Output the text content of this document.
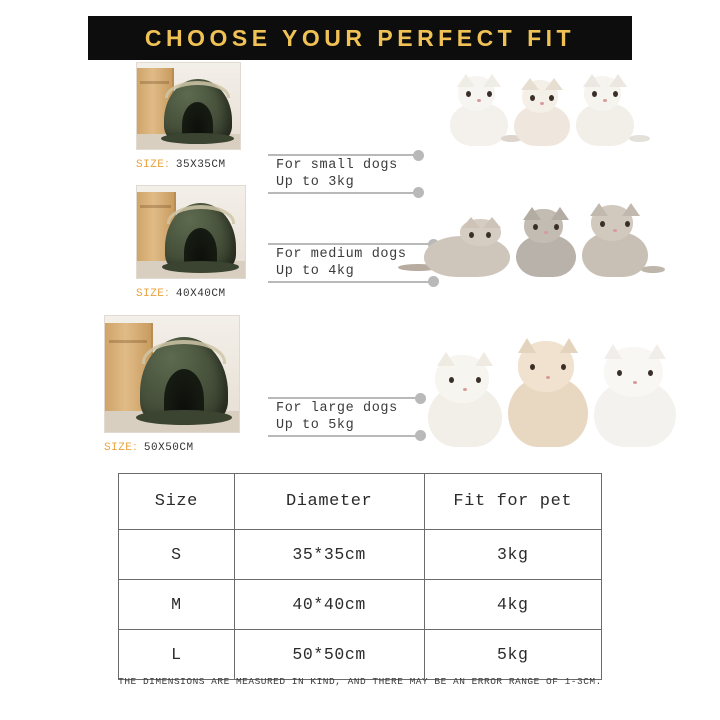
CHOOSE YOUR PERFECT FIT
SIZE：35X35CM	For small dogs
Up to 3kg
SIZE：40X40CM
For medium dogs
Up to 4kg
SIZE：50X50CM
For large dogs
Up to 5kg
Size	Diameter	Fit for pet
S	35*35cm	3kg
M	40*40cm	4kg
L	50*50cm	5kg
THE DIMENSIONS ARE MEASURED IN KIND, AND THERE MAY BE AN ERROR RANGE OF 1-3CM.
